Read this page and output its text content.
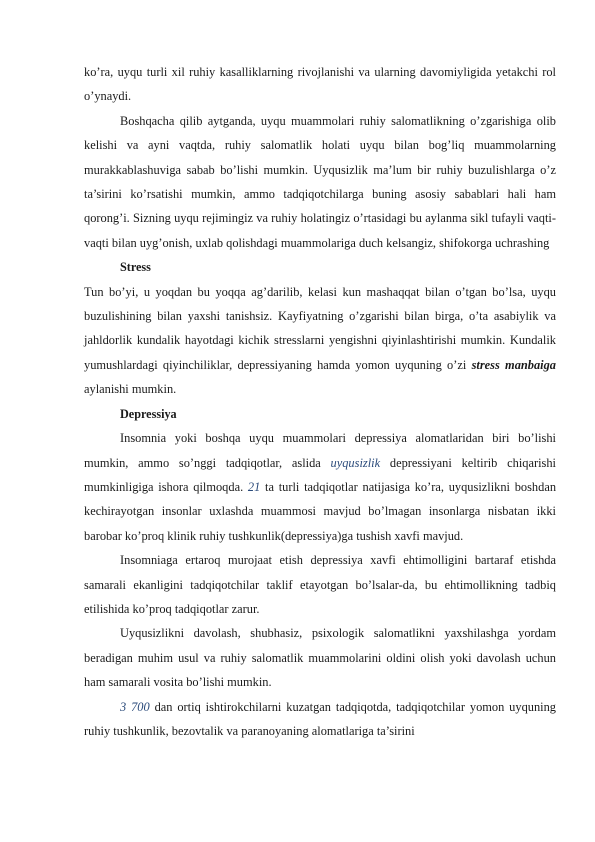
ko’ra, uyqu turli xil ruhiy kasalliklarning rivojlanishi va ularning davomiyligida yetakchi rol o’ynaydi.

Boshqacha qilib aytganda, uyqu muammolari ruhiy salomatlikning o’zgarishiga olib kelishi va ayni vaqtda, ruhiy salomatlik holati uyqu bilan bog’liq muammolarning murakkablashuviga sabab bo’lishi mumkin. Uyqusizlik ma’lum bir ruhiy buzulishlarga o’z ta’sirini ko’rsatishi mumkin, ammo tadqiqotchilarga buning asosiy sabablari hali ham qorong’i. Sizning uyqu rejimingiz va ruhiy holatingiz o’rtasidagi bu aylanma sikl tufayli vaqti-vaqti bilan uyg’onish, uxlab qolishdagi muammolariga duch kelsangiz, shifokorga uchrashing

Stress

Tun bo’yi, u yoqdan bu yoqqa ag’darilib, kelasi kun mashaqqat bilan o’tgan bo’lsa, uyqu buzulishining bilan yaxshi tanishsiz. Kayfiyatning o’zgarishi bilan birga, o’ta asabiylik va jahldorlik kundalik hayotdagi kichik stresslarni yengishni qiyinlashtirishi mumkin. Kundalik yumushlardagi qiyinchiliklar, depressiyaning hamda yomon uyquning o’zi stress manbaiga aylanishi mumkin.

Depressiya

Insomnia yoki boshqa uyqu muammolari depressiya alomatlaridan biri bo’lishi mumkin, ammo so’nggi tadqiqotlar, aslida uyqusizlik depressiyani keltirib chiqarishi mumkinligiga ishora qilmoqda. 21 ta turli tadqiqotlar natijasiga ko’ra, uyqusizlikni boshdan kechirayotgan insonlar uxlashda muammosi mavjud bo’lmagan insonlarga nisbatan ikki barobar ko’proq klinik ruhiy tushkunlik(depressiya)ga tushish xavfi mavjud.

Insomniaga ertaroq murojaat etish depressiya xavfi ehtimolligini bartaraf etishda samarali ekanligini tadqiqotchilar taklif etayotgan bo’lsalar-da, bu ehtimollikning tadbiq etilishida ko’proq tadqiqotlar zarur.

Uyqusizlikni davolash, shubhasiz, psixologik salomatlikni yaxshilashga yordam beradigan muhim usul va ruhiy salomatlik muammolarini oldini olish yoki davolash uchun ham samarali vosita bo’lishi mumkin.

3 700 dan ortiq ishtirokchilarni kuzatgan tadqiqotda, tadqiqotchilar yomon uyquning ruhiy tushkunlik, bezovtalik va paranoyaning alomatlariga ta’sirini
